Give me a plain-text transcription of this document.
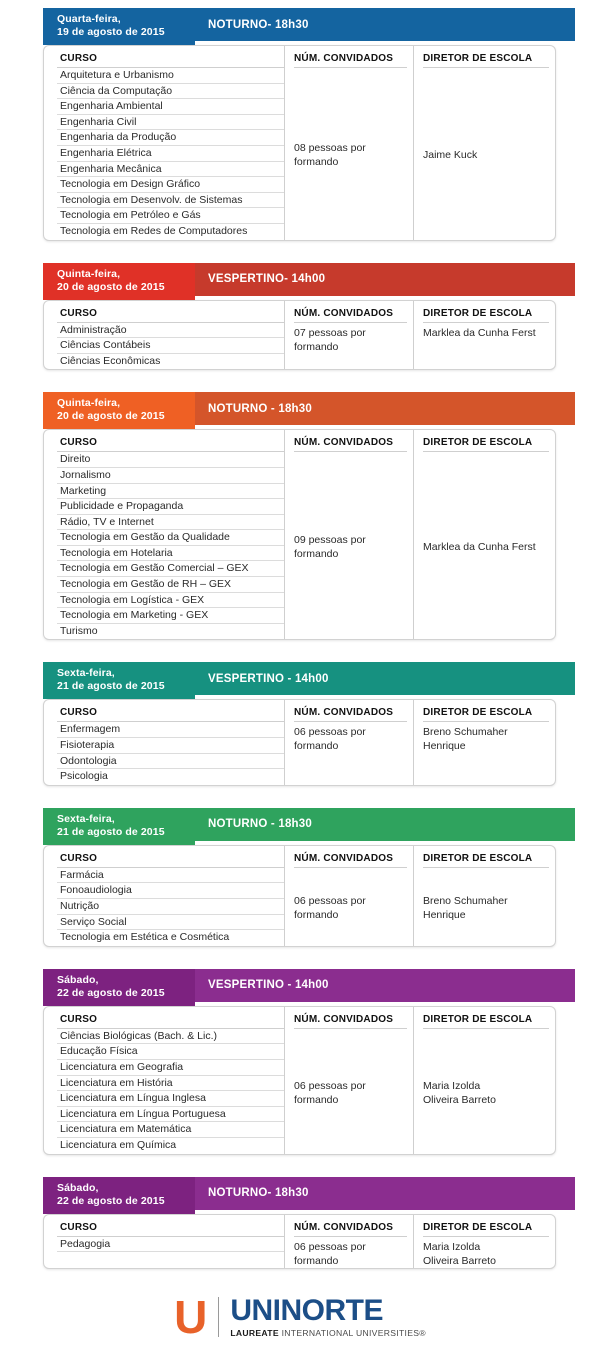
NOTURNO- 18h30
Quarta-feira,
19 de agosto de 2015
CURSO
Arquitetura e Urbanismo
Ciência da Computação
Engenharia Ambiental
Engenharia Civil
Engenharia da Produção
Engenharia Elétrica
Engenharia Mecânica
Tecnologia em Design Gráfico
Tecnologia em Desenvolv. de Sistemas
Tecnologia em Petróleo e Gás
Tecnologia em Redes de Computadores
NÚM. CONVIDADOS
08 pessoas por
formando
DIRETOR DE ESCOLA
Jaime Kuck
VESPERTINO- 14h00
Quinta-feira,
20 de agosto de 2015
CURSO
Administração
Ciências Contábeis
Ciências Econômicas
NÚM. CONVIDADOS
07 pessoas por
formando
DIRETOR DE ESCOLA
Marklea da Cunha Ferst
NOTURNO - 18h30
Quinta-feira,
20 de agosto de 2015
CURSO
Direito
Jornalismo
Marketing
Publicidade e Propaganda
Rádio, TV e Internet
Tecnologia em Gestão da Qualidade
Tecnologia em Hotelaria
Tecnologia em Gestão Comercial – GEX
Tecnologia em Gestão de RH – GEX
Tecnologia em Logística - GEX
Tecnologia em Marketing - GEX
Turismo
NÚM. CONVIDADOS
09 pessoas por
formando
DIRETOR DE ESCOLA
Marklea da Cunha Ferst
VESPERTINO - 14h00
Sexta-feira,
21 de agosto de 2015
CURSO
Enfermagem
Fisioterapia
Odontologia
Psicologia
NÚM. CONVIDADOS
06 pessoas por
formando
DIRETOR DE ESCOLA
Breno Schumaher
Henrique
NOTURNO - 18h30
Sexta-feira,
21 de agosto de 2015
CURSO
Farmácia
Fonoaudiologia
Nutrição
Serviço Social
Tecnologia em Estética e Cosmética
NÚM. CONVIDADOS
06 pessoas por
formando
DIRETOR DE ESCOLA
Breno Schumaher
Henrique
VESPERTINO - 14h00
Sábado,
22 de agosto de 2015
CURSO
Ciências Biológicas (Bach. & Lic.)
Educação Física
Licenciatura em Geografia
Licenciatura em História
Licenciatura em Língua Inglesa
Licenciatura em Língua Portuguesa
Licenciatura em Matemática
Licenciatura em Química
NÚM. CONVIDADOS
06 pessoas por
formando
DIRETOR DE ESCOLA
Maria Izolda
Oliveira Barreto
NOTURNO- 18h30
Sábado,
22 de agosto de 2015
CURSO
Pedagogia

NÚM. CONVIDADOS
06 pessoas por
formando
DIRETOR DE ESCOLA
Maria Izolda
Oliveira Barreto
U UNINORTE
LAUREATE INTERNATIONAL UNIVERSITIES®
